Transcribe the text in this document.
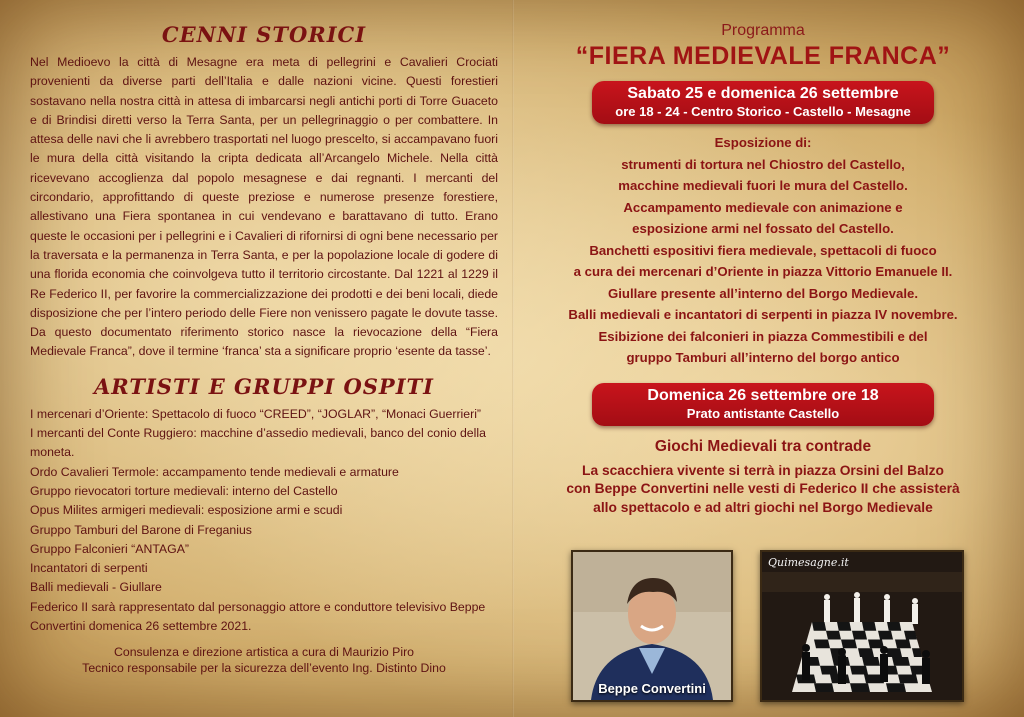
CENNI STORICI

Nel Medioevo la città di Mesagne era meta di pellegrini e Cavalieri Crociati provenienti da diverse parti dell’Italia e dalle nazioni vicine. Questi forestieri sostavano nella nostra città in attesa di imbarcarsi negli antichi porti di Torre Guaceto e di Brindisi diretti verso la Terra Santa, per un pellegrinaggio o per combattere. In attesa delle navi che li avrebbero trasportati nel luogo prescelto, si accampavano fuori le mura della città visitando la cripta dedicata all’Arcangelo Michele. Nella città ricevevano accoglienza dal popolo mesagnese e dai regnanti. I mercanti del circondario, approfittando di queste preziose e numerose presenze forestiere, allestivano una Fiera spontanea in cui vendevano e barattavano di tutto. Erano queste le occasioni per i pellegrini e i Cavalieri di rifornirsi di ogni bene necessario per la traversata e la permanenza in Terra Santa, e per la popolazione locale di godere di una florida economia che coinvolgeva tutto il territorio circostante. Dal 1221 al 1229 il Re Federico II, per favorire la commercializzazione dei prodotti e dei beni locali, diede disposizione che per l’intero periodo delle Fiere non venissero pagate le dovute tasse. Da questo documentato riferimento storico nasce la rievocazione della “Fiera Medievale Franca”, dove il termine ‘franca’ sta a significare proprio ‘esente da tasse’.

ARTISTI E GRUPPI OSPITI
I mercenari d’Oriente: Spettacolo di fuoco “CREED”, “JOGLAR”, “Monaci Guerrieri”
I mercanti del Conte Ruggiero: macchine d’assedio medievali, banco del conio della moneta.
Ordo Cavalieri Termole: accampamento tende medievali e armature
Gruppo rievocatori torture medievali: interno del Castello
Opus Milites armigeri medievali: esposizione armi e scudi
Gruppo Tamburi del Barone di Freganius
Gruppo Falconieri “ANTAGA”
Incantatori di serpenti
Balli medievali - Giullare
Federico II sarà rappresentato dal personaggio attore e conduttore televisivo Beppe Convertini domenica 26 settembre 2021.
Consulenza e direzione artistica a cura di Maurizio Piro
Tecnico responsabile per la sicurezza dell’evento Ing. Distinto Dino

Programma

“FIERA MEDIEVALE FRANCA”

Sabato 25 e domenica 26 settembre
ore 18 - 24 - Centro Storico - Castello - Mesagne
Esposizione di:
strumenti di tortura nel Chiostro del Castello,
macchine medievali fuori le mura del Castello.
Accampamento medievale con animazione e
esposizione armi nel fossato del Castello.
Banchetti espositivi fiera medievale, spettacoli di fuoco
a cura dei mercenari d’Oriente in piazza Vittorio Emanuele II.
Giullare presente all’interno del Borgo Medievale.
Balli medievali e incantatori di serpenti in piazza IV novembre.
Esibizione dei falconieri in piazza Commestibili e del
gruppo Tamburi all’interno del borgo antico
Domenica 26 settembre ore 18
Prato antistante Castello
Giochi Medievali tra contrade
La scacchiera vivente si terrà in piazza Orsini del Balzo
con Beppe Convertini nelle vesti di Federico II che assisterà
allo spettacolo e ad altri giochi nel Borgo Medievale
Beppe Convertini
Quimesagne.it
